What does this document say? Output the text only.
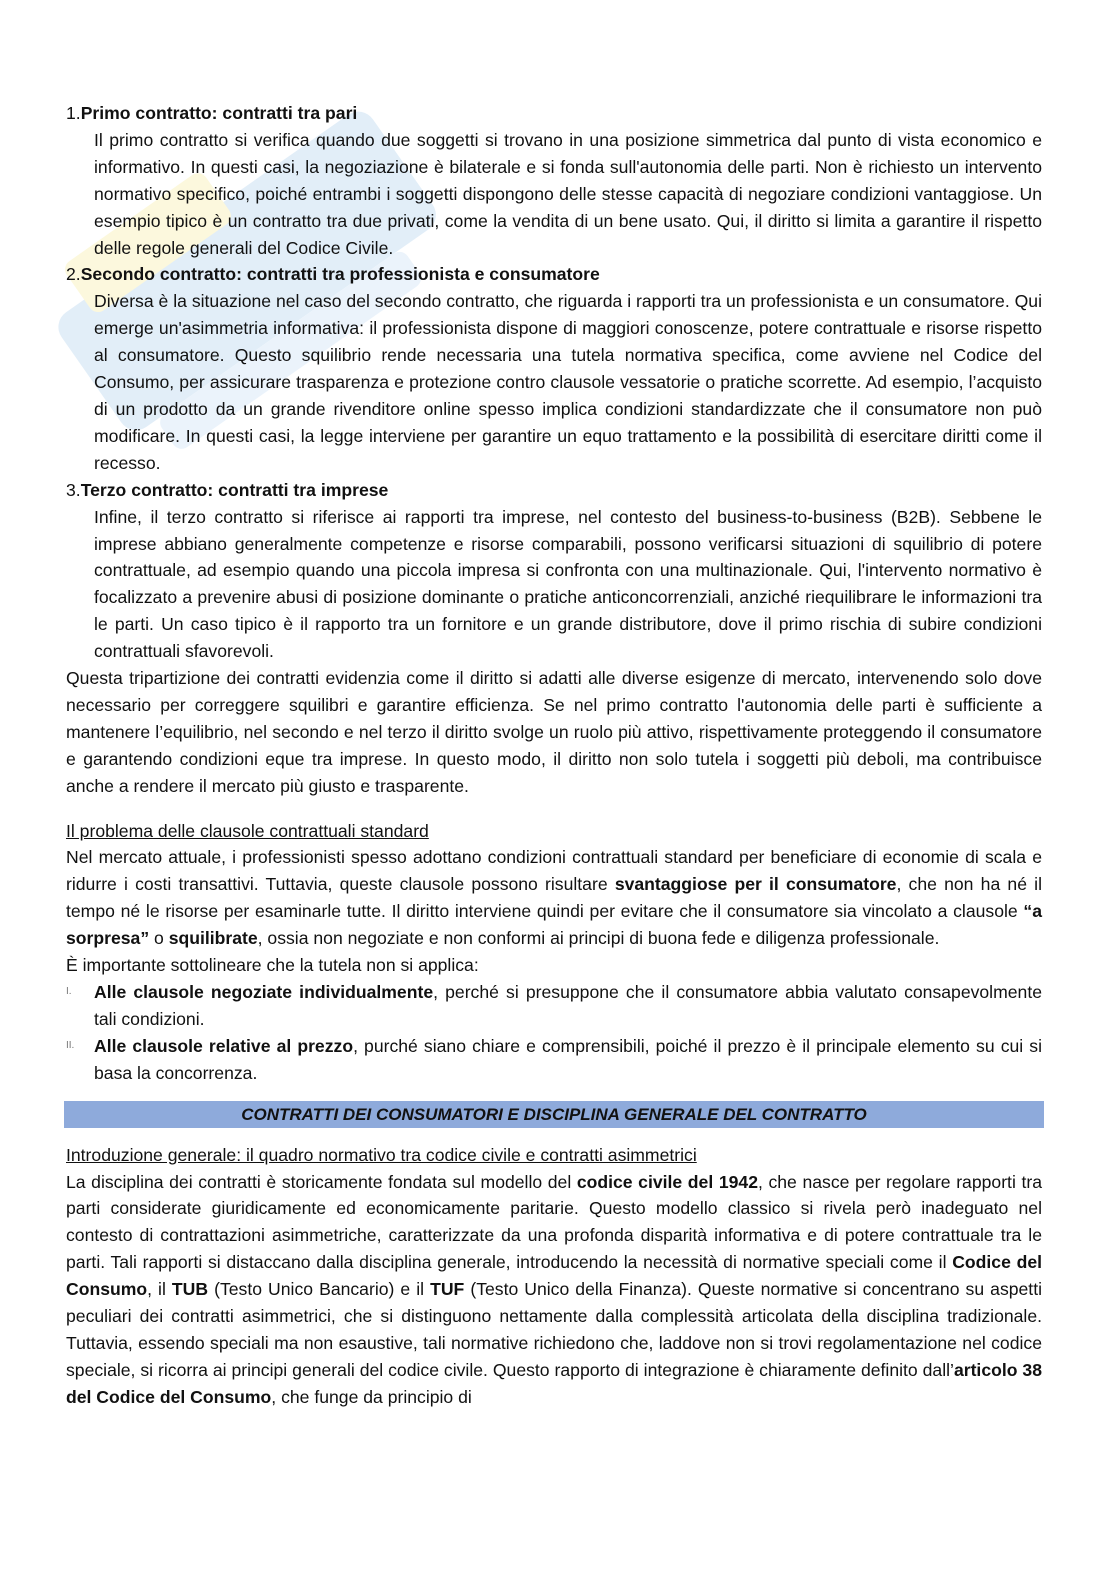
1.Primo contratto: contratti tra pari

Il primo contratto si verifica quando due soggetti si trovano in una posizione simmetrica dal punto di vista economico e informativo. In questi casi, la negoziazione è bilaterale e si fonda sull'autonomia delle parti. Non è richiesto un intervento normativo specifico, poiché entrambi i soggetti dispongono delle stesse capacità di negoziare condizioni vantaggiose. Un esempio tipico è un contratto tra due privati, come la vendita di un bene usato. Qui, il diritto si limita a garantire il rispetto delle regole generali del Codice Civile.

2.Secondo contratto: contratti tra professionista e consumatore

Diversa è la situazione nel caso del secondo contratto, che riguarda i rapporti tra un professionista e un consumatore. Qui emerge un'asimmetria informativa: il professionista dispone di maggiori conoscenze, potere contrattuale e risorse rispetto al consumatore. Questo squilibrio rende necessaria una tutela normativa specifica, come avviene nel Codice del Consumo, per assicurare trasparenza e protezione contro clausole vessatorie o pratiche scorrette. Ad esempio, l’acquisto di un prodotto da un grande rivenditore online spesso implica condizioni standardizzate che il consumatore non può modificare. In questi casi, la legge interviene per garantire un equo trattamento e la possibilità di esercitare diritti come il recesso.

3.Terzo contratto: contratti tra imprese

Infine, il terzo contratto si riferisce ai rapporti tra imprese, nel contesto del business-to-business (B2B). Sebbene le imprese abbiano generalmente competenze e risorse comparabili, possono verificarsi situazioni di squilibrio di potere contrattuale, ad esempio quando una piccola impresa si confronta con una multinazionale. Qui, l'intervento normativo è focalizzato a prevenire abusi di posizione dominante o pratiche anticoncorrenziali, anziché riequilibrare le informazioni tra le parti. Un caso tipico è il rapporto tra un fornitore e un grande distributore, dove il primo rischia di subire condizioni contrattuali sfavorevoli.

Questa tripartizione dei contratti evidenzia come il diritto si adatti alle diverse esigenze di mercato, intervenendo solo dove necessario per correggere squilibri e garantire efficienza. Se nel primo contratto l'autonomia delle parti è sufficiente a mantenere l’equilibrio, nel secondo e nel terzo il diritto svolge un ruolo più attivo, rispettivamente proteggendo il consumatore e garantendo condizioni eque tra imprese. In questo modo, il diritto non solo tutela i soggetti più deboli, ma contribuisce anche a rendere il mercato più giusto e trasparente.

Il problema delle clausole contrattuali standard

Nel mercato attuale, i professionisti spesso adottano condizioni contrattuali standard per beneficiare di economie di scala e ridurre i costi transattivi. Tuttavia, queste clausole possono risultare svantaggiose per il consumatore, che non ha né il tempo né le risorse per esaminarle tutte. Il diritto interviene quindi per evitare che il consumatore sia vincolato a clausole “a sorpresa” o squilibrate, ossia non negoziate e non conformi ai principi di buona fede e diligenza professionale.

È importante sottolineare che la tutela non si applica:

I. Alle clausole negoziate individualmente, perché si presuppone che il consumatore abbia valutato consapevolmente tali condizioni.
II. Alle clausole relative al prezzo, purché siano chiare e comprensibili, poiché il prezzo è il principale elemento su cui si basa la concorrenza.
CONTRATTI DEI CONSUMATORI E DISCIPLINA GENERALE DEL CONTRATTO

Introduzione generale: il quadro normativo tra codice civile e contratti asimmetrici

La disciplina dei contratti è storicamente fondata sul modello del codice civile del 1942, che nasce per regolare rapporti tra parti considerate giuridicamente ed economicamente paritarie. Questo modello classico si rivela però inadeguato nel contesto di contrattazioni asimmetriche, caratterizzate da una profonda disparità informativa e di potere contrattuale tra le parti. Tali rapporti si distaccano dalla disciplina generale, introducendo la necessità di normative speciali come il Codice del Consumo, il TUB (Testo Unico Bancario) e il TUF (Testo Unico della Finanza). Queste normative si concentrano su aspetti peculiari dei contratti asimmetrici, che si distinguono nettamente dalla complessità articolata della disciplina tradizionale. Tuttavia, essendo speciali ma non esaustive, tali normative richiedono che, laddove non si trovi regolamentazione nel codice speciale, si ricorra ai principi generali del codice civile. Questo rapporto di integrazione è chiaramente definito dall’articolo 38 del Codice del Consumo, che funge da principio di
